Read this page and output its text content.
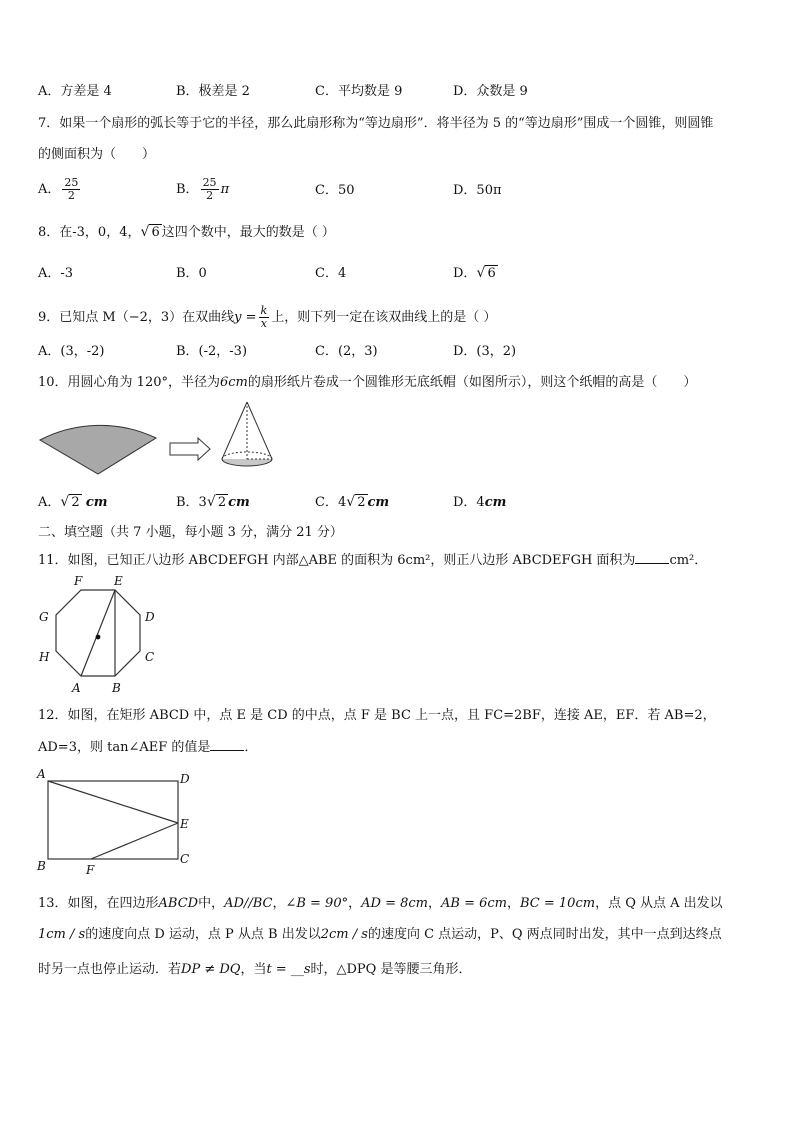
A．方差是 4	B．极差是 2	C．平均数是 9	D．众数是 9
7．如果一个扇形的弧长等于它的半径，那么此扇形称为“等边扇形”．将半径为 5 的“等边扇形”围成一个圆锥，则圆锥
的侧面积为（　　）
A． $\frac{25}{2}$	B． $\frac{25}{2}$ π	C．50	D．50π
8．在-3，0，4， √ 6 这四个数中，最大的数是（ ）
A．-3	B．0	C．4	D． √ 6
9．已知点 M（−2，3）在双曲线$y = \frac{k}{x}$ 上，则下列一定在该双曲线上的是（ ）
A．(3，-2)	B．(-2，-3)	C．(2，3)	D．(3，2)
10．用圆心角为 120°，半径为6cm的扇形纸片卷成一个圆锥形无底纸帽（如图所示），则这个纸帽的高是（　　）
A． √ 2 cm	B．3 √ 2 cm	C．4 √ 2 cm	D．4cm
二、填空题（共 7 小题，每小题 3 分，满分 21 分）
11．如图，已知正八边形 ABCDEFGH 内部△ABE 的面积为 6cm²，则正八边形 ABCDEFGH 面积为	cm²．
F	E
G	D
H	C
A	B
12．如图，在矩形 ABCD 中，点 E 是 CD 的中点，点 F 是 BC 上一点，且 FC=2BF，连接 AE，EF．若 AB=2，
AD=3，则 tan∠AEF 的值是	．
A	D
E
B	F
C
13．如图，在四边形ABCD中，AD//BC，∠B = 90°，AD = 8cm，AB = 6cm，BC = 10cm，点 Q 从点 A 出发以
1cm / s的速度向点 D 运动，点 P 从点 B 出发以2cm / s的速度向 C 点运动，P、Q 两点同时出发，其中一点到达终点
时另一点也停止运动．若DP ≠ DQ，当t = __s时，△DPQ 是等腰三角形．
